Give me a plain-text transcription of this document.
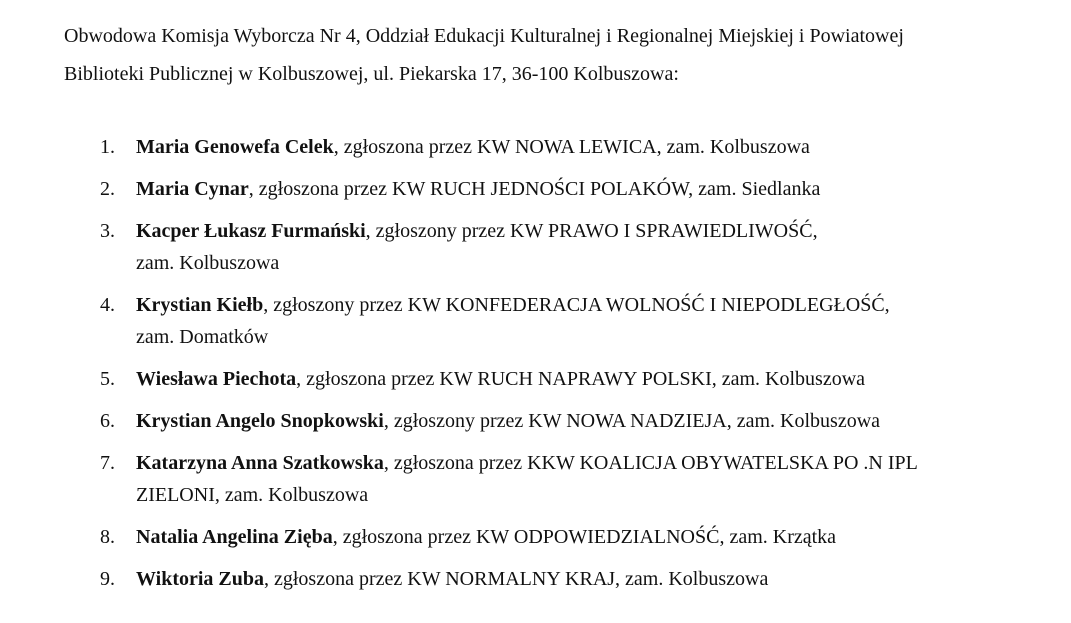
Obwodowa Komisja Wyborcza Nr 4, Oddział Edukacji Kulturalnej i Regionalnej Miejskiej i Powiatowej
Biblioteki Publicznej w Kolbuszowej, ul. Piekarska 17, 36-100 Kolbuszowa:

1.	Maria Genowefa Celek, zgłoszona przez KW NOWA LEWICA, zam. Kolbuszowa
2.	Maria Cynar, zgłoszona przez KW RUCH JEDNOŚCI POLAKÓW, zam. Siedlanka
3.	Kacper Łukasz Furmański, zgłoszony przez KW PRAWO I SPRAWIEDLIWOŚĆ,
zam. Kolbuszowa
4.	Krystian Kiełb, zgłoszony przez KW KONFEDERACJA WOLNOŚĆ I NIEPODLEGŁOŚĆ,
zam. Domatków
5.	Wiesława Piechota, zgłoszona przez KW RUCH NAPRAWY POLSKI, zam. Kolbuszowa
6.	Krystian Angelo Snopkowski, zgłoszony przez KW NOWA NADZIEJA, zam. Kolbuszowa
7.	Katarzyna Anna Szatkowska, zgłoszona przez KKW KOALICJA OBYWATELSKA PO .N IPL
ZIELONI, zam. Kolbuszowa
8.	Natalia Angelina Zięba, zgłoszona przez KW ODPOWIEDZIALNOŚĆ, zam. Krzątka
9.	Wiktoria Zuba, zgłoszona przez KW NORMALNY KRAJ, zam. Kolbuszowa
